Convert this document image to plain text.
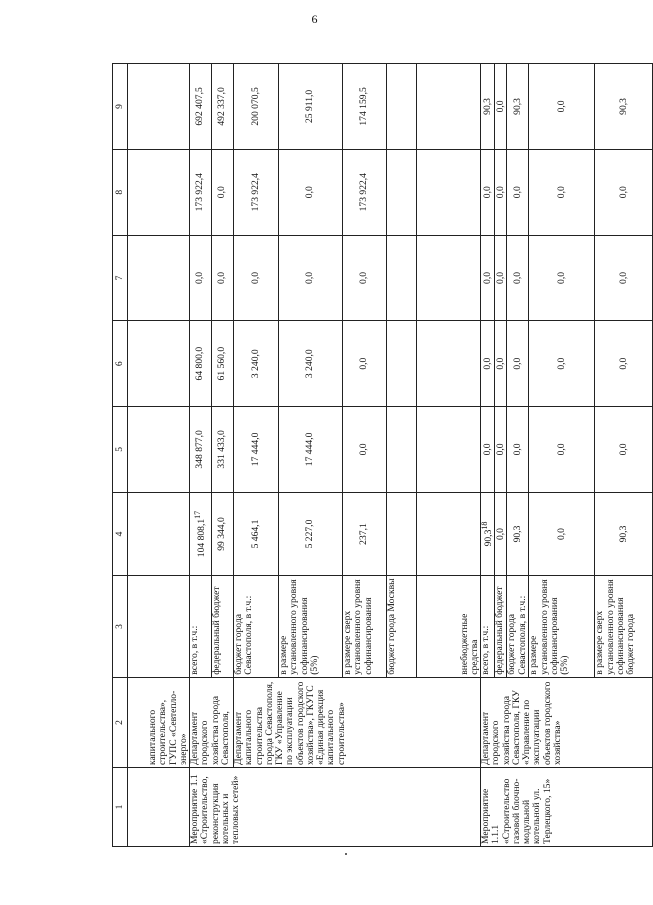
6
1	2	3	4	5	6	7	8	9
	капитального строительства», ГУПС «Севтепло-энерго»							
Мероприятие 1.1 «Строительство, реконструкция котельных и тепловых сетей»	Департамент городского хозяйства города Севастополя,	всего, в т.ч.:	104 808,1$^{17}$	348 877,0	64 800,0	0,0	173 922,4	692 407,5
		федеральный бюджет	99 344,0	331 433,0	61 560,0	0,0	0,0	492 337,0
	Департамент капитального строительства города Севастополя, ГКУ «Управление по эксплуатации объектов городского хозяйства», ГКУГС «Единая дирекция капитального строительства»	бюджет города Севастополя, в т.ч.:	5 464,1	17 444,0	3 240,0	0,0	173 922,4	200 070,5
		в размере установленного уровня софинансирования (5%)	5 227,0	17 444,0	3 240,0	0,0	0,0	25 911,0
		в размере сверх установленного уровня софинансирования	237,1	0,0	0,0	0,0	173 922,4	174 159,5
		бюджет города Москвы						
		внебюджетные средства						
Мероприятие 1.1.1 «Строительство газовой блочно-модульной котельной ул. Терлецкого, 15»	Департамент городского хозяйства города Севастополя, ГКУ «Управление по эксплуатации объектов городского хозяйства»	всего, в т.ч.:	90,3$^{18}$	0,0	0,0	0,0	0,0	90,3
		федеральный бюджет	0,0	0,0	0,0	0,0	0,0	0,0
		бюджет города Севастополя, в т.ч.:	90,3	0,0	0,0	0,0	0,0	90,3
		в размере установленного уровня софинансирования (5%)	0,0	0,0	0,0	0,0	0,0	0,0
		в размере сверх установленного уровня софинансирования бюджет города	90,3	0,0	0,0	0,0	0,0	90,3
